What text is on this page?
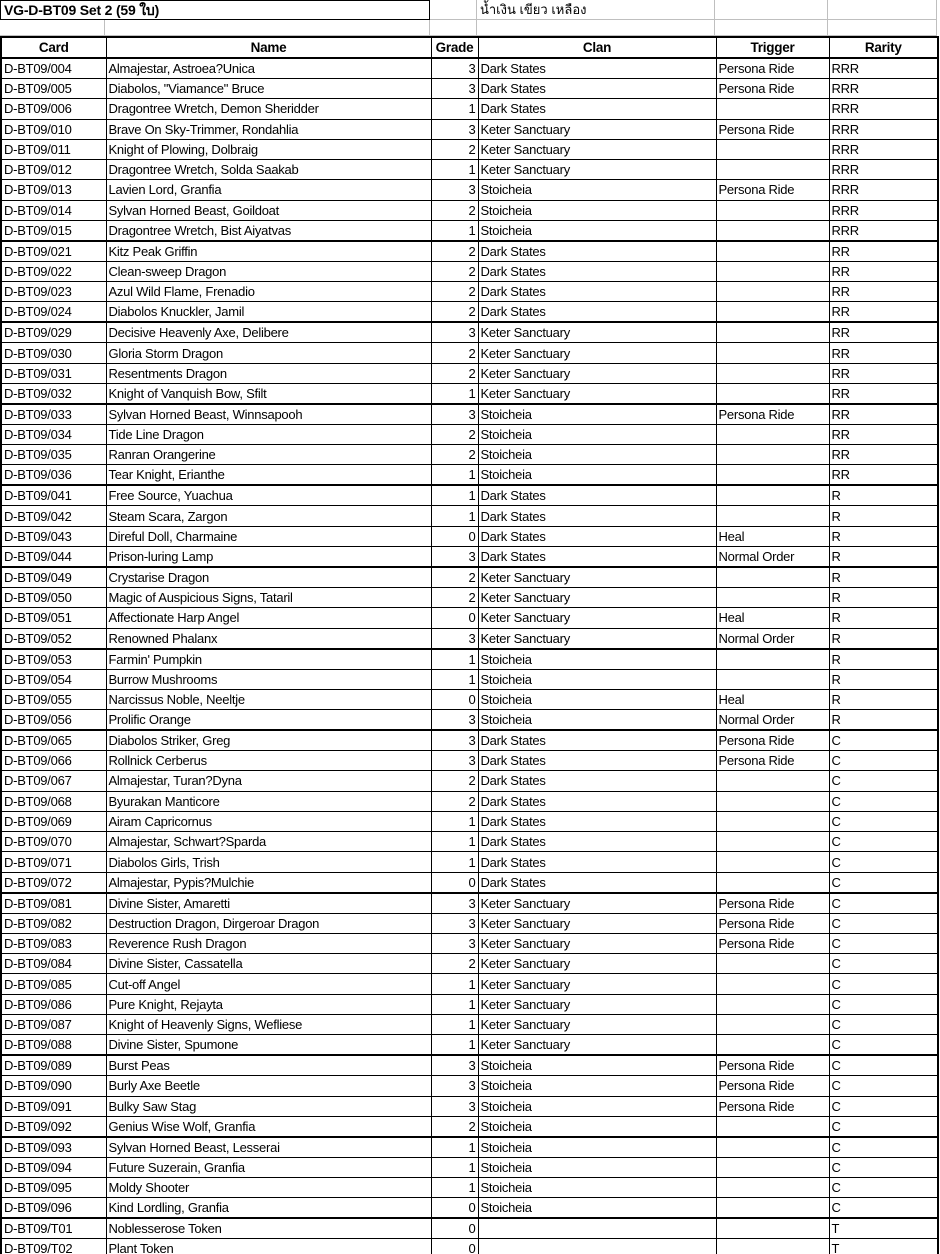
VG-D-BT09 Set 2 (59 ใบ)	น้ำเงิน เขียว เหลือง
Card	Name	Grade	Clan	Trigger	Rarity
D-BT09/004	Almajestar, Astroea?Unica	3	Dark States	Persona Ride	RRR
D-BT09/005	Diabolos, "Viamance" Bruce	3	Dark States	Persona Ride	RRR
D-BT09/006	Dragontree Wretch, Demon Sheridder	1	Dark States		RRR
D-BT09/010	Brave On Sky-Trimmer, Rondahlia	3	Keter Sanctuary	Persona Ride	RRR
D-BT09/011	Knight of Plowing, Dolbraig	2	Keter Sanctuary		RRR
D-BT09/012	Dragontree Wretch, Solda Saakab	1	Keter Sanctuary		RRR
D-BT09/013	Lavien Lord, Granfia	3	Stoicheia	Persona Ride	RRR
D-BT09/014	Sylvan Horned Beast, Goildoat	2	Stoicheia		RRR
D-BT09/015	Dragontree Wretch, Bist Aiyatvas	1	Stoicheia		RRR
D-BT09/021	Kitz Peak Griffin	2	Dark States		RR
D-BT09/022	Clean-sweep Dragon	2	Dark States		RR
D-BT09/023	Azul Wild Flame, Frenadio	2	Dark States		RR
D-BT09/024	Diabolos Knuckler, Jamil	2	Dark States		RR
D-BT09/029	Decisive Heavenly Axe, Delibere	3	Keter Sanctuary		RR
D-BT09/030	Gloria Storm Dragon	2	Keter Sanctuary		RR
D-BT09/031	Resentments Dragon	2	Keter Sanctuary		RR
D-BT09/032	Knight of Vanquish Bow, Sfilt	1	Keter Sanctuary		RR
D-BT09/033	Sylvan Horned Beast, Winnsapooh	3	Stoicheia	Persona Ride	RR
D-BT09/034	Tide Line Dragon	2	Stoicheia		RR
D-BT09/035	Ranran Orangerine	2	Stoicheia		RR
D-BT09/036	Tear Knight, Erianthe	1	Stoicheia		RR
D-BT09/041	Free Source, Yuachua	1	Dark States		R
D-BT09/042	Steam Scara, Zargon	1	Dark States		R
D-BT09/043	Direful Doll, Charmaine	0	Dark States	Heal	R
D-BT09/044	Prison-luring Lamp	3	Dark States	Normal Order	R
D-BT09/049	Crystarise Dragon	2	Keter Sanctuary		R
D-BT09/050	Magic of Auspicious Signs, Tataril	2	Keter Sanctuary		R
D-BT09/051	Affectionate Harp Angel	0	Keter Sanctuary	Heal	R
D-BT09/052	Renowned Phalanx	3	Keter Sanctuary	Normal Order	R
D-BT09/053	Farmin' Pumpkin	1	Stoicheia		R
D-BT09/054	Burrow Mushrooms	1	Stoicheia		R
D-BT09/055	Narcissus Noble, Neeltje	0	Stoicheia	Heal	R
D-BT09/056	Prolific Orange	3	Stoicheia	Normal Order	R
D-BT09/065	Diabolos Striker, Greg	3	Dark States	Persona Ride	C
D-BT09/066	Rollnick Cerberus	3	Dark States	Persona Ride	C
D-BT09/067	Almajestar, Turan?Dyna	2	Dark States		C
D-BT09/068	Byurakan Manticore	2	Dark States		C
D-BT09/069	Airam Capricornus	1	Dark States		C
D-BT09/070	Almajestar, Schwart?Sparda	1	Dark States		C
D-BT09/071	Diabolos Girls, Trish	1	Dark States		C
D-BT09/072	Almajestar, Pypis?Mulchie	0	Dark States		C
D-BT09/081	Divine Sister, Amaretti	3	Keter Sanctuary	Persona Ride	C
D-BT09/082	Destruction Dragon, Dirgeroar Dragon	3	Keter Sanctuary	Persona Ride	C
D-BT09/083	Reverence Rush Dragon	3	Keter Sanctuary	Persona Ride	C
D-BT09/084	Divine Sister, Cassatella	2	Keter Sanctuary		C
D-BT09/085	Cut-off Angel	1	Keter Sanctuary		C
D-BT09/086	Pure Knight, Rejayta	1	Keter Sanctuary		C
D-BT09/087	Knight of Heavenly Signs, Wefliese	1	Keter Sanctuary		C
D-BT09/088	Divine Sister, Spumone	1	Keter Sanctuary		C
D-BT09/089	Burst Peas	3	Stoicheia	Persona Ride	C
D-BT09/090	Burly Axe Beetle	3	Stoicheia	Persona Ride	C
D-BT09/091	Bulky Saw Stag	3	Stoicheia	Persona Ride	C
D-BT09/092	Genius Wise Wolf, Granfia	2	Stoicheia		C
D-BT09/093	Sylvan Horned Beast, Lesserai	1	Stoicheia		C
D-BT09/094	Future Suzerain, Granfia	1	Stoicheia		C
D-BT09/095	Moldy Shooter	1	Stoicheia		C
D-BT09/096	Kind Lordling, Granfia	0	Stoicheia		C
D-BT09/T01	Noblesserose Token	0			T
D-BT09/T02	Plant Token	0			T
